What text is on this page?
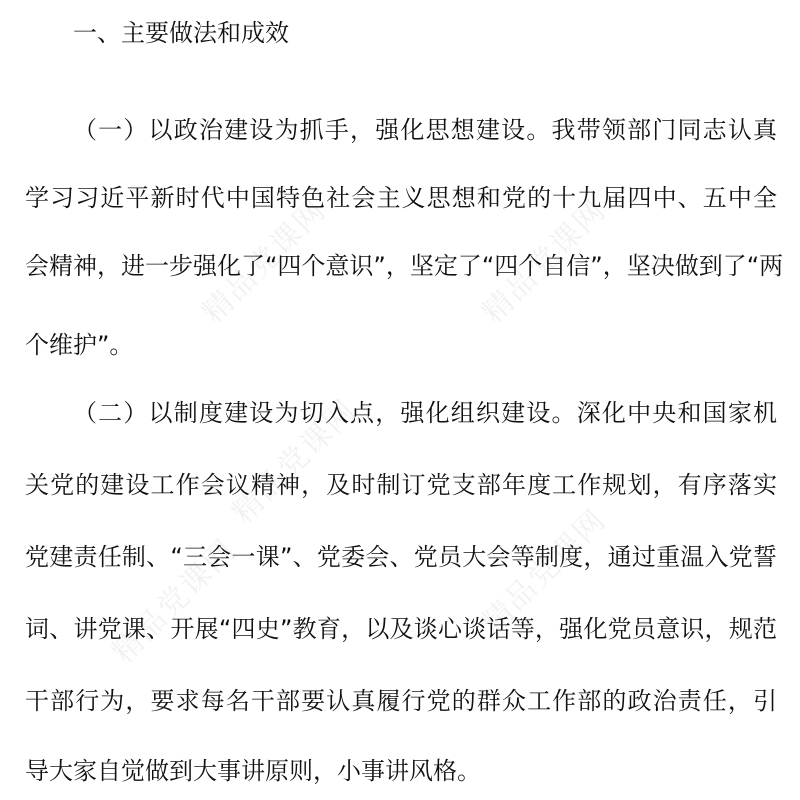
精品党课网	精品党课网
精品党课网
精品党课网
精品党课网
一、主要做法和成效
（一）以政治建设为抓手，强化思想建设。我带领部门同志认真
学习习近平新时代中国特色社会主义思想和党的十九届四中、五中全
会精神，进一步强化了“四个意识”，坚定了“四个自信”，坚决做到了“两
个维护”。
（二）以制度建设为切入点，强化组织建设。深化中央和国家机
关党的建设工作会议精神，及时制订党支部年度工作规划，有序落实
党建责任制、“三会一课”、党委会、党员大会等制度，通过重温入党誓
词、讲党课、开展“四史”教育，以及谈心谈话等，强化党员意识，规范
干部行为，要求每名干部要认真履行党的群众工作部的政治责任，引
导大家自觉做到大事讲原则，小事讲风格。
